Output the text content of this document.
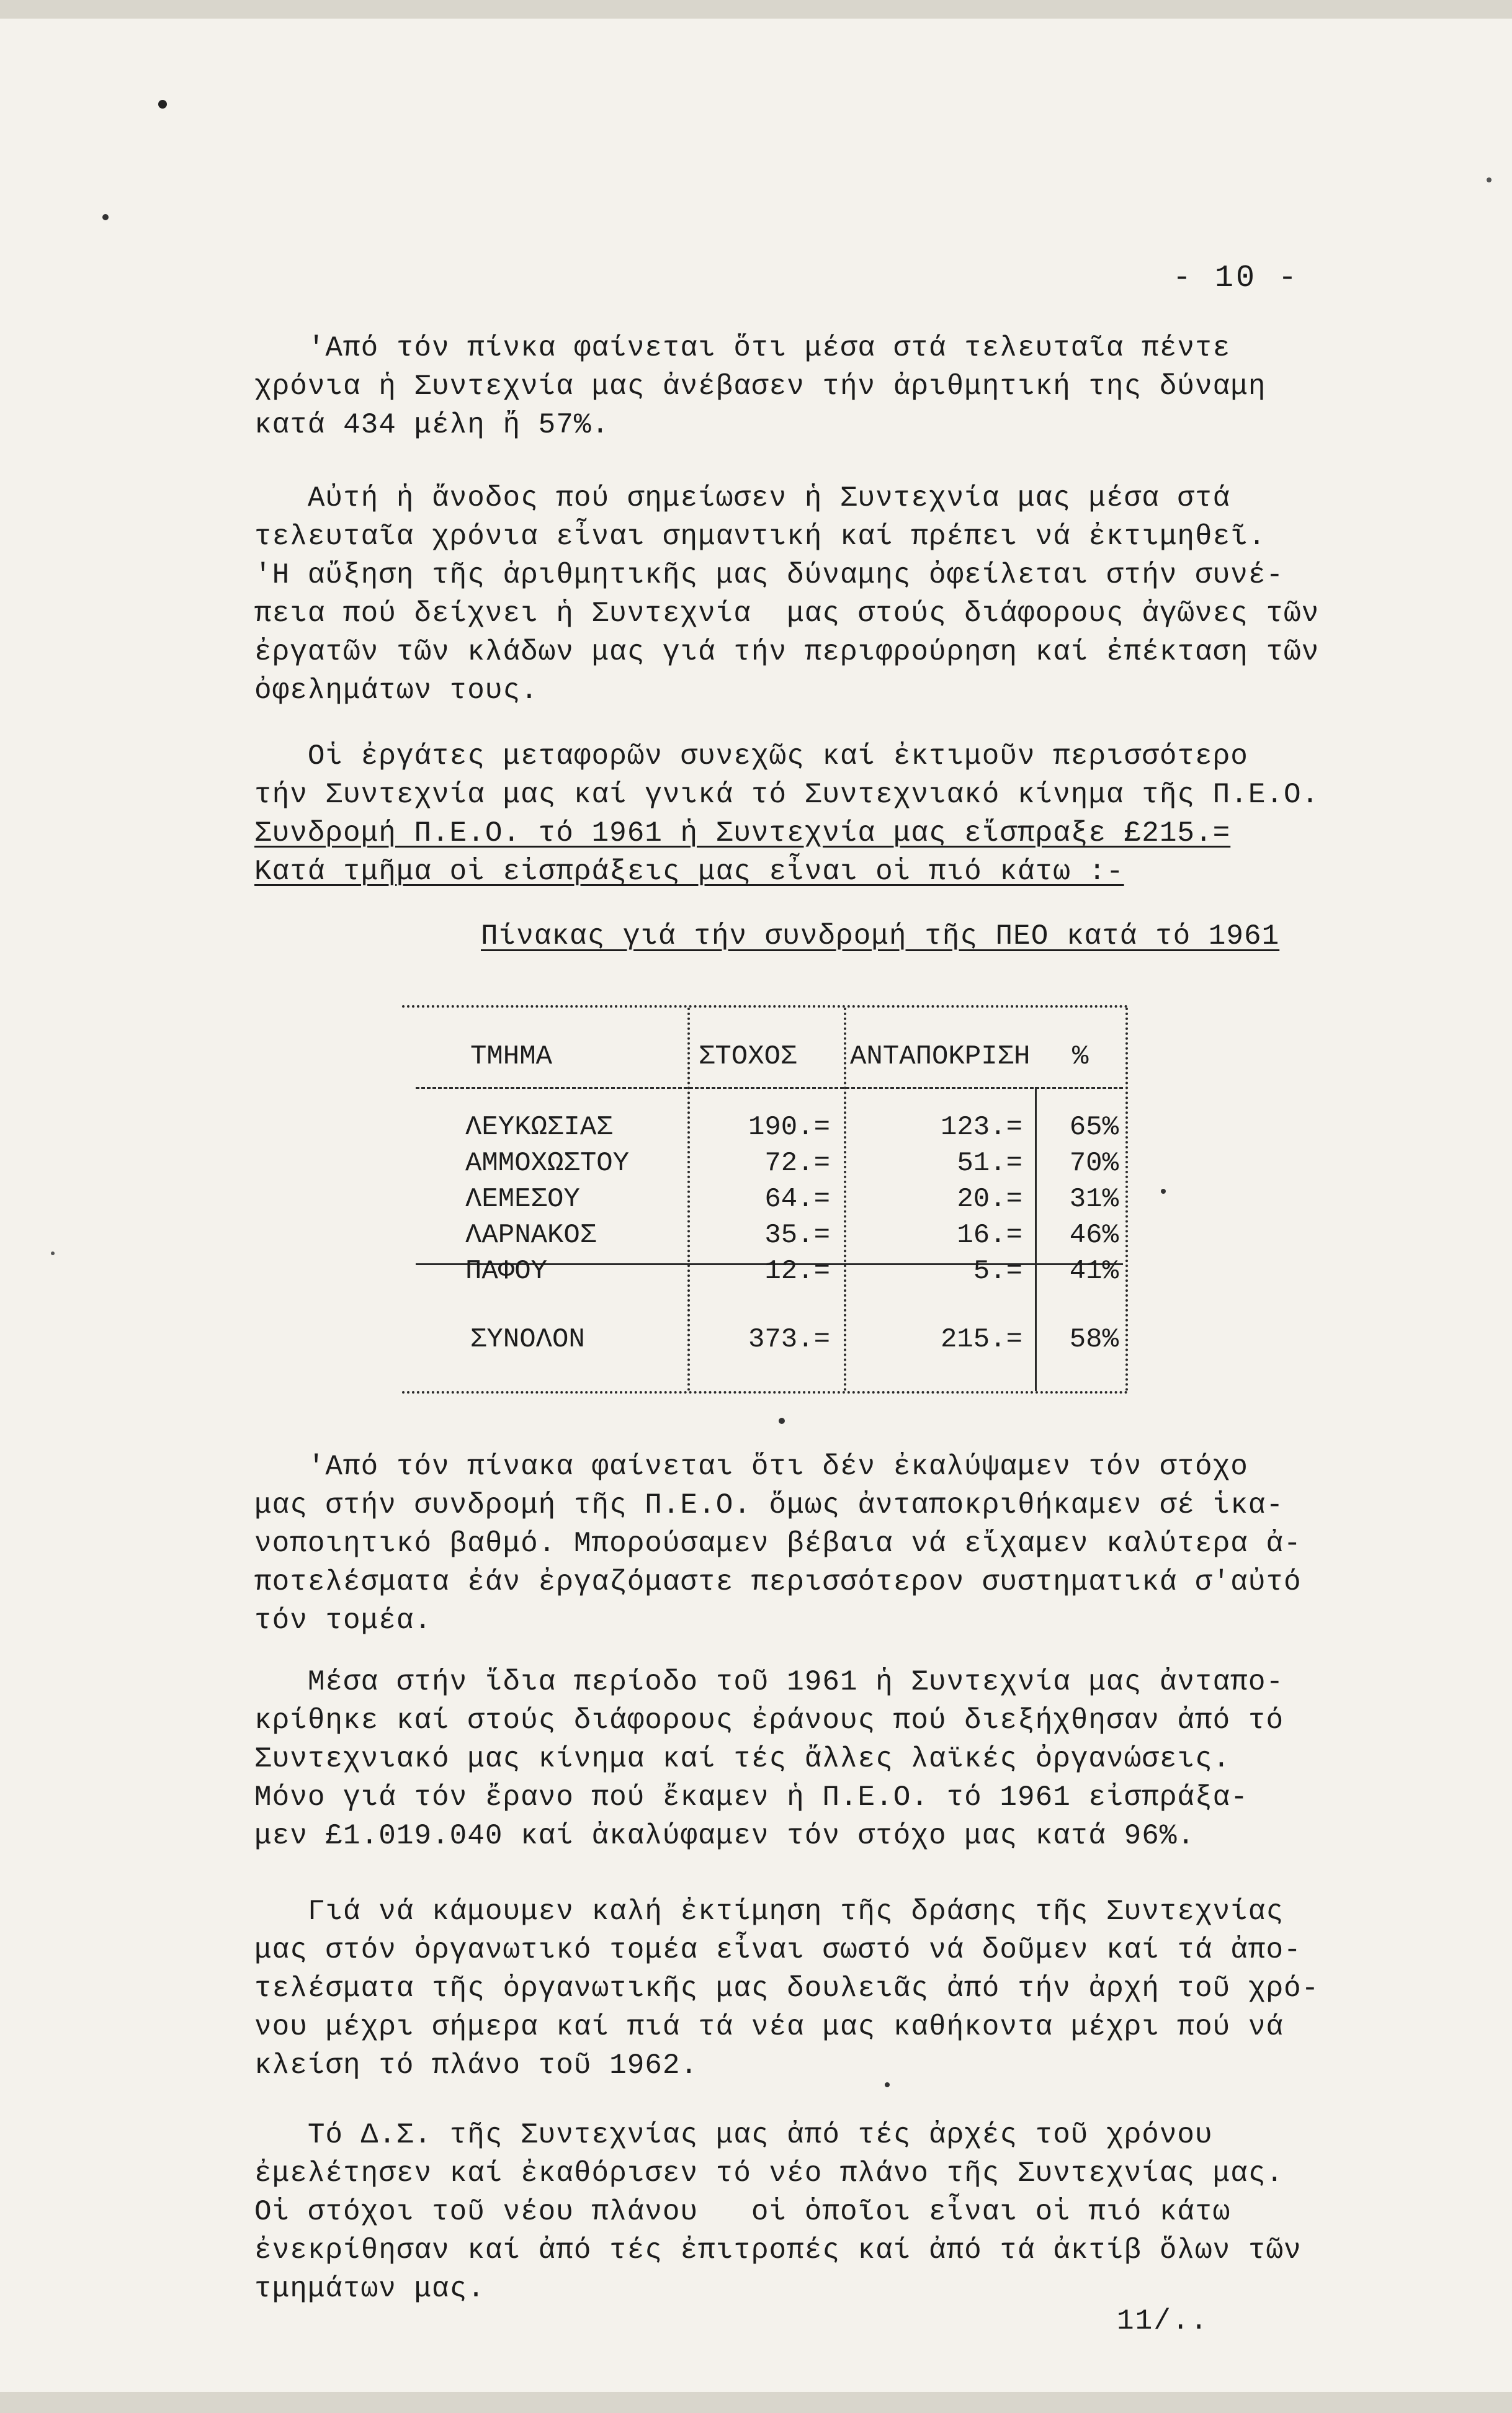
- 10 -

'Από τόν πίνκα φαίνεται ὅτι μέσα στά τελευταῖα πέντε
χρόνια ἡ Συντεχνία μας ἀνέβασεν τήν ἀριθμητική της δύναμη
κατά 434 μέλη ἤ 57%.

Αὐτή ἡ ἄνοδος πού σημείωσεν ἡ Συντεχνία μας μέσα στά
τελευταῖα χρόνια εἶναι σημαντική καί πρέπει νά ἐκτιμηθεῖ.
'Η αὔξηση τῆς ἀριθμητικῆς μας δύναμης ὀφείλεται στήν συνέ-
πεια πού δείχνει ἡ Συντεχνία  μας στούς διάφορους ἀγῶνες τῶν
ἐργατῶν τῶν κλάδων μας γιά τήν περιφρούρηση καί ἐπέκταση τῶν
ὀφελημάτων τους.

Οἱ ἐργάτες μεταφορῶν συνεχῶς καί ἐκτιμοῦν περισσότερο
τήν Συντεχνία μας καί γνικά τό Συντεχνιακό κίνημα τῆς Π.Ε.Ο.
Συνδρομή Π.Ε.Ο. τό 1961 ἡ Συντεχνία μας εἴσπραξε £215.=
Κατά τμῆμα οἱ εἰσπράξεις μας εἶναι οἱ πιό κάτω :-

Πίνακας γιά τήν συνδρομή τῆς ΠΕΟ κατά τό 1961
ΤΜΗΜΑ	ΣΤΟΧΟΣ ΑΝΤΑΠΟΚΡΙΣΗ %
ΛΕΥΚΩΣΙΑΣ	190.=	123.=	65%
ΑΜΜΟΧΩΣΤΟΥ	72.=	51.=	70%
ΛΕΜΕΣΟΥ	64.=	20.=	31%
ΛΑΡΝΑΚΟΣ	35.=	16.=	46%
ΠΑΦΟΥ	12.=	5.=	41%
ΣΥΝΟΛΟΝ	373.=	215.=	58%

'Από τόν πίνακα φαίνεται ὅτι δέν ἐκαλύψαμεν τόν στόχο
μας στήν συνδρομή τῆς Π.Ε.Ο. ὅμως ἀνταποκριθήκαμεν σέ ἱκα-
νοποιητικό βαθμό. Μπορούσαμεν βέβαια νά εἴχαμεν καλύτερα ἀ-
ποτελέσματα ἐάν ἐργαζόμαστε περισσότερον συστηματικά σ'αὐτό
τόν τομέα.

Μέσα στήν ἴδια περίοδο τοῦ 1961 ἡ Συντεχνία μας ἀνταπο-
κρίθηκε καί στούς διάφορους ἐράνους πού διεξήχθησαν ἀπό τό
Συντεχνιακό μας κίνημα καί τές ἄλλες λαϊκές ὀργανώσεις.
Μόνο γιά τόν ἔρανο πού ἔκαμεν ἡ Π.Ε.Ο. τό 1961 εἰσπράξα-
μεν £1.019.040 καί ἀκαλύφαμεν τόν στόχο μας κατά 96%.

Γιά νά κάμουμεν καλή ἐκτίμηση τῆς δράσης τῆς Συντεχνίας
μας στόν ὀργανωτικό τομέα εἶναι σωστό νά δοῦμεν καί τά ἀπο-
τελέσματα τῆς ὀργανωτικῆς μας δουλειᾶς ἀπό τήν ἀρχή τοῦ χρό-
νου μέχρι σήμερα καί πιά τά νέα μας καθήκοντα μέχρι πού νά
κλείση τό πλάνο τοῦ 1962.

Τό Δ.Σ. τῆς Συντεχνίας μας ἀπό τές ἀρχές τοῦ χρόνου
ἐμελέτησεν καί ἐκαθόρισεν τό νέο πλάνο τῆς Συντεχνίας μας.
Οἱ στόχοι τοῦ νέου πλάνου   οἱ ὁποῖοι εἶναι οἱ πιό κάτω
ἐνεκρίθησαν καί ἀπό τές ἐπιτροπές καί ἀπό τά ἀκτίβ ὅλων τῶν
τμημάτων μας.

11/..
